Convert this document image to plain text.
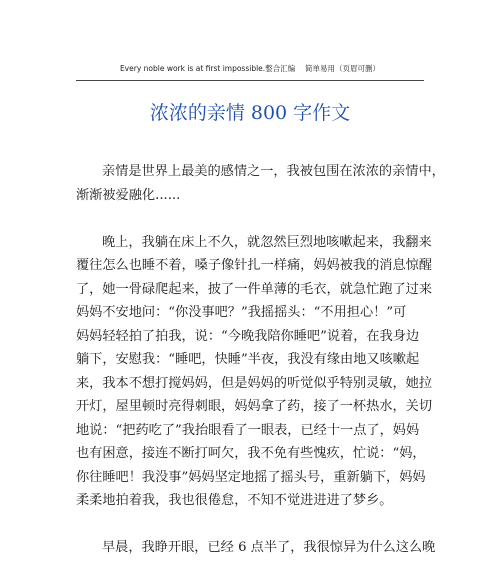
Every noble work is at first impossible.整合汇编　 简单易用（页眉可删）
浓浓的亲情 800 字作文
亲情是世界上最美的感情之一，我被包围在浓浓的亲情中，
渐渐被爱融化......
晚上，我躺在床上不久，就忽然巨烈地咳嗽起来，我翻来
覆往怎么也睡不着，嗓子像针扎一样痛，妈妈被我的消息惊醒
了，她一骨碌爬起来，披了一件单薄的毛衣，就急忙跑了过来
妈妈不安地问：“你没事吧？”我摇摇头：“不用担心！”可
妈妈轻轻拍了拍我，说：“今晚我陪你睡吧”说着，在我身边
躺下，安慰我：“睡吧，快睡”半夜，我没有缘由地又咳嗽起
来，我本不想打搅妈妈，但是妈妈的听觉似乎特别灵敏，她拉
开灯，屋里顿时亮得刺眼，妈妈拿了药，接了一杯热水，关切
地说：“把药吃了”我抬眼看了一眼表，已经十一点了，妈妈
也有困意，接连不断打呵欠，我不免有些愧疚，忙说：“妈，
你往睡吧！我没事”妈妈坚定地摇了摇头号，重新躺下，妈妈
柔柔地拍着我，我也很倦怠，不知不觉进进进了梦乡。
早晨，我睁开眼，已经 6 点半了，我很惊异为什么这么晚
